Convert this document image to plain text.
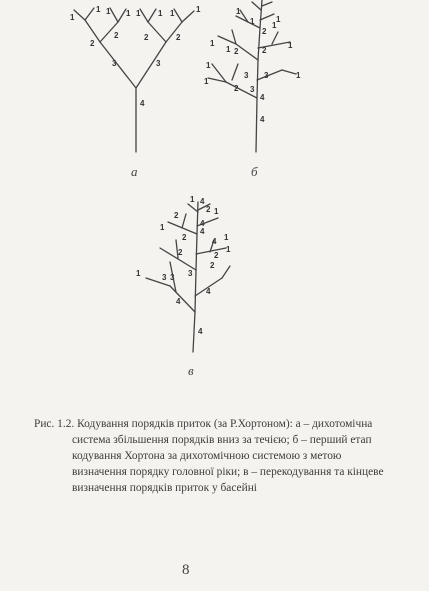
4
3	3
2
2	2	2
1
1 1 1 1 1 1	1
4
4
3
3
3
2
2	2
2
1
1
1
1
1
1
1
1
1
1
4
4
4
3
3
3
2
2
2
4
4
2
4
2
2
4
1
1
1
1
1
1
а	б
в
Рис. 1.2. Кодування порядків приток (за Р.Хортоном): а – дихотомічна
система збільшення порядків вниз за течією; б – перший етап
кодування Хортона за дихотомічною системою з метою
визначення порядку головної ріки; в – перекодування та кінцеве
визначення порядків приток у басейні
8
